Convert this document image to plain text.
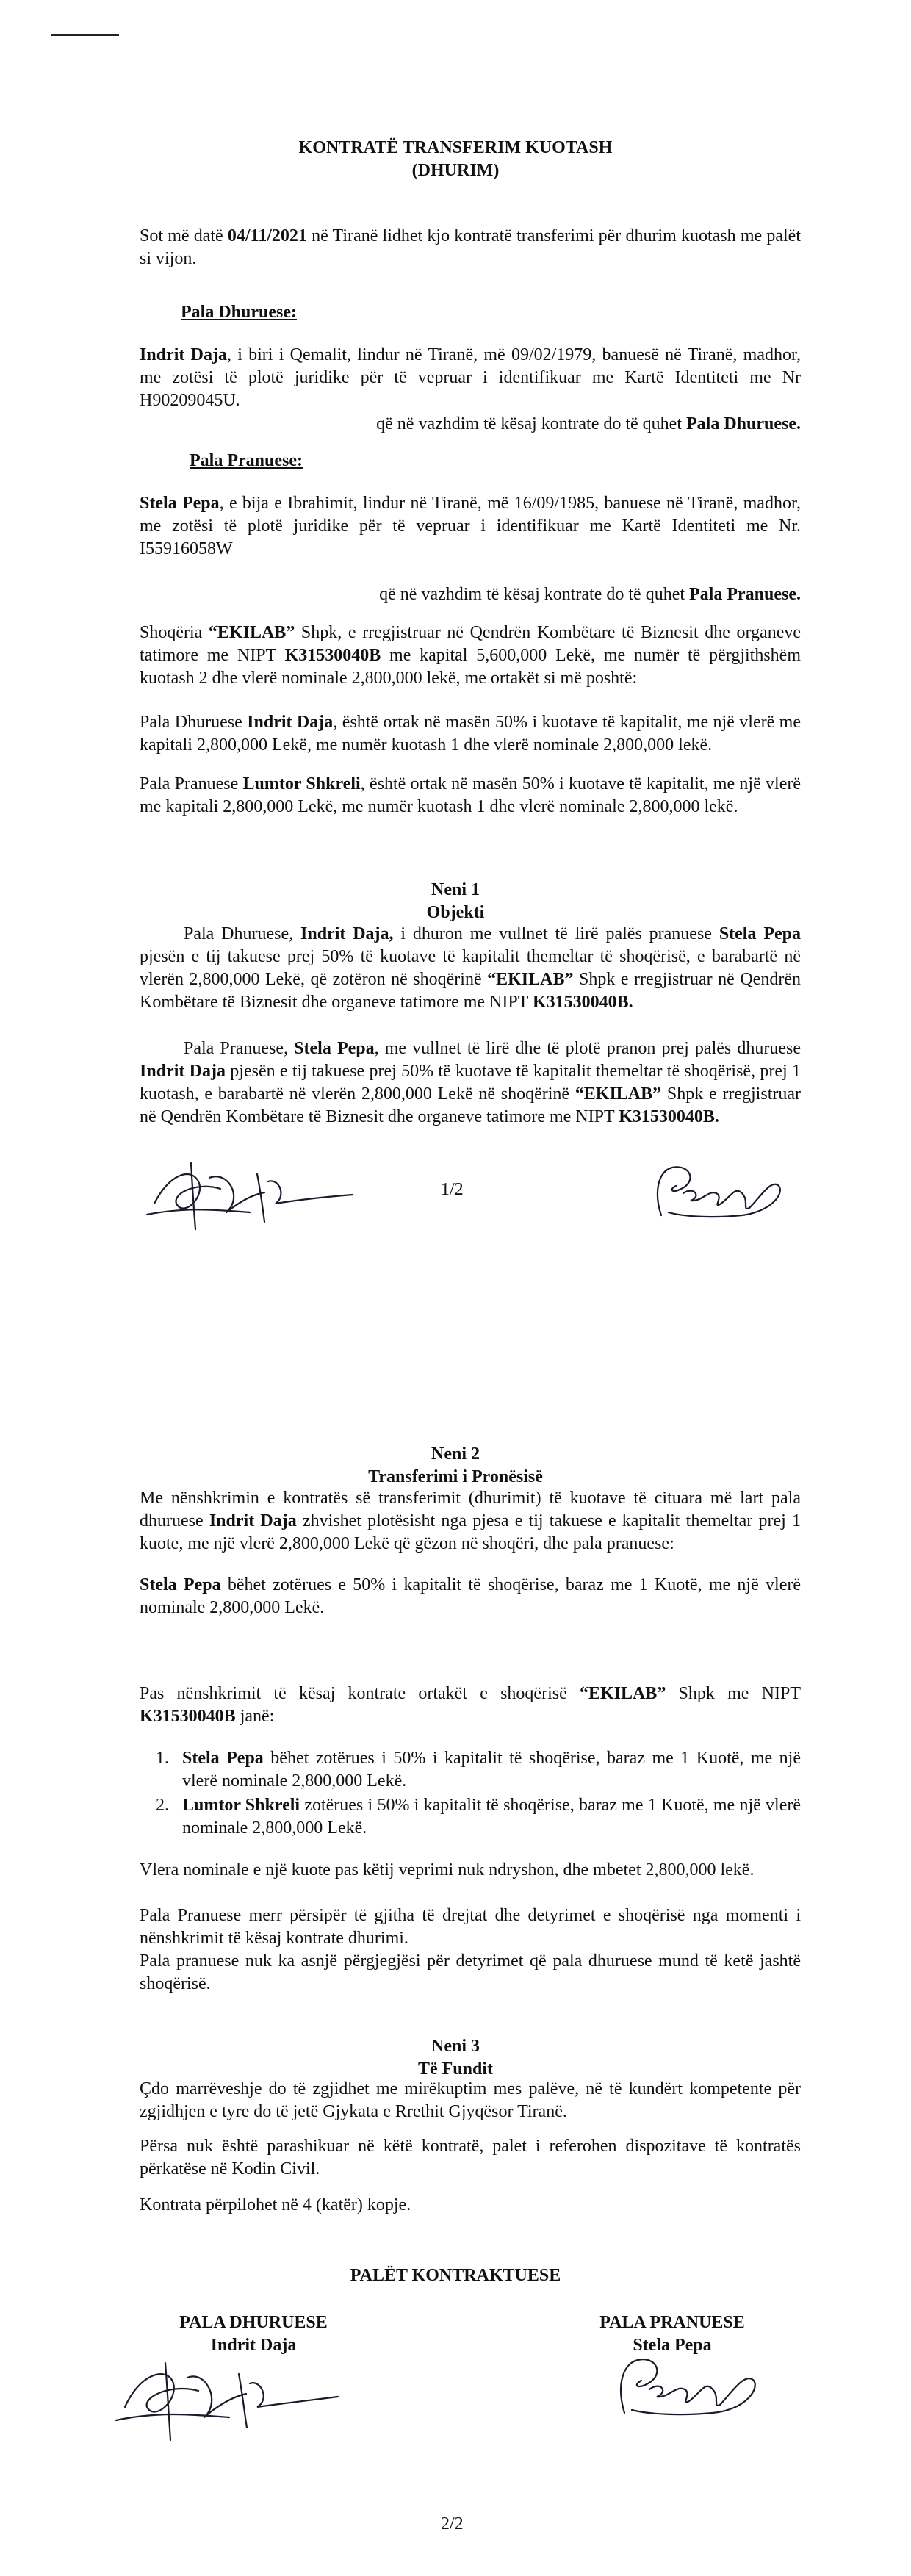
KONTRATË TRANSFERIM KUOTASH

(DHURIM)

Sot më datë 04/11/2021 në Tiranë lidhet kjo kontratë transferimi për dhurim kuotash me palët si vijon.
Pala Dhuruese:
Indrit Daja, i biri i Qemalit, lindur në Tiranë, më 09/02/1979, banuesë në Tiranë, madhor, me zotësi të plotë juridike për të vepruar i identifikuar me Kartë Identiteti me Nr H90209045U.
që në vazhdim të kësaj kontrate do të quhet Pala Dhuruese.
Pala Pranuese:
Stela Pepa, e bija e Ibrahimit, lindur në Tiranë, më 16/09/1985, banuese në Tiranë, madhor, me zotësi të plotë juridike për të vepruar i identifikuar me Kartë Identiteti me Nr. I55916058W
që në vazhdim të kësaj kontrate do të quhet Pala Pranuese.
Shoqëria “EKILAB” Shpk, e rregjistruar në Qendrën Kombëtare të Biznesit dhe organeve tatimore me NIPT K31530040B me kapital 5,600,000 Lekë, me numër të përgjithshëm kuotash 2 dhe vlerë nominale 2,800,000 lekë, me ortakët si më poshtë:
Pala Dhuruese Indrit Daja, është ortak në masën 50% i kuotave të kapitalit, me një vlerë me kapitali 2,800,000 Lekë, me numër kuotash 1 dhe vlerë nominale 2,800,000 lekë.
Pala Pranuese Lumtor Shkreli, është ortak në masën 50% i kuotave të kapitalit, me një vlerë me kapitali 2,800,000 Lekë, me numër kuotash 1 dhe vlerë nominale 2,800,000 lekë.

Neni 1

Objekti

Pala Dhuruese, Indrit Daja, i dhuron me vullnet të lirë palës pranuese Stela Pepa pjesën e tij takuese prej 50% të kuotave të kapitalit themeltar të shoqërisë, e barabartë në vlerën 2,800,000 Lekë, që zotëron në shoqërinë “EKILAB” Shpk e rregjistruar në Qendrën Kombëtare të Biznesit dhe organeve tatimore me NIPT K31530040B.
Pala Pranuese, Stela Pepa, me vullnet të lirë dhe të plotë pranon prej palës dhuruese Indrit Daja pjesën e tij takuese prej 50% të kuotave të kapitalit themeltar të shoqërisë, prej 1 kuotash, e barabartë në vlerën 2,800,000 Lekë në shoqërinë “EKILAB” Shpk e rregjistruar në Qendrën Kombëtare të Biznesit dhe organeve tatimore me NIPT K31530040B.
1/2

Neni 2

Transferimi i Pronësisë

Me nënshkrimin e kontratës së transferimit (dhurimit) të kuotave të cituara më lart pala dhuruese Indrit Daja zhvishet plotësisht nga pjesa e tij takuese e kapitalit themeltar prej 1 kuote, me një vlerë 2,800,000 Lekë që gëzon në shoqëri, dhe pala pranuese:
Stela Pepa bëhet zotërues e 50% i kapitalit të shoqërise, baraz me 1 Kuotë, me një vlerë nominale 2,800,000 Lekë.
Pas nënshkrimit të kësaj kontrate ortakët e shoqërisë “EKILAB” Shpk me NIPT K31530040B janë:
1. Stela Pepa bëhet zotërues i 50% i kapitalit të shoqërise, baraz me 1 Kuotë, me një vlerë nominale 2,800,000 Lekë.

2. Lumtor Shkreli zotërues i 50% i kapitalit të shoqërise, baraz me 1 Kuotë, me një vlerë nominale 2,800,000 Lekë.

Vlera nominale e një kuote pas këtij veprimi nuk ndryshon, dhe mbetet 2,800,000 lekë.
Pala Pranuese merr përsipër të gjitha të drejtat dhe detyrimet e shoqërisë nga momenti i nënshkrimit të kësaj kontrate dhurimi.
Pala pranuese nuk ka asnjë përgjegjësi për detyrimet që pala dhuruese mund të ketë jashtë shoqërisë.

Neni 3

Të Fundit

Çdo marrëveshje do të zgjidhet me mirëkuptim mes palëve, në të kundërt kompetente për zgjidhjen e tyre do të jetë Gjykata e Rrethit Gjyqësor Tiranë.
Përsa nuk është parashikuar në këtë kontratë, palet i referohen dispozitave të kontratës përkatëse në Kodin Civil.
Kontrata përpilohet në 4 (katër) kopje.
PALËT KONTRAKTUESE

PALA DHURUESE

Indrit Daja

PALA PRANUESE

Stela Pepa

2/2
